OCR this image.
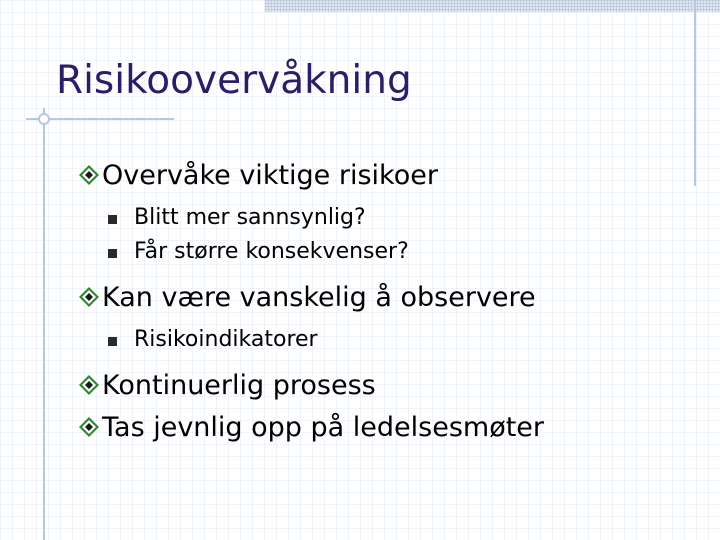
Risikoovervåkning
Overvåke viktige risikoer
Blitt mer sannsynlig?
Får større konsekvenser?
Kan være vanskelig å observere
Risikoindikatorer
Kontinuerlig prosess
Tas jevnlig opp på ledelsesmøter
